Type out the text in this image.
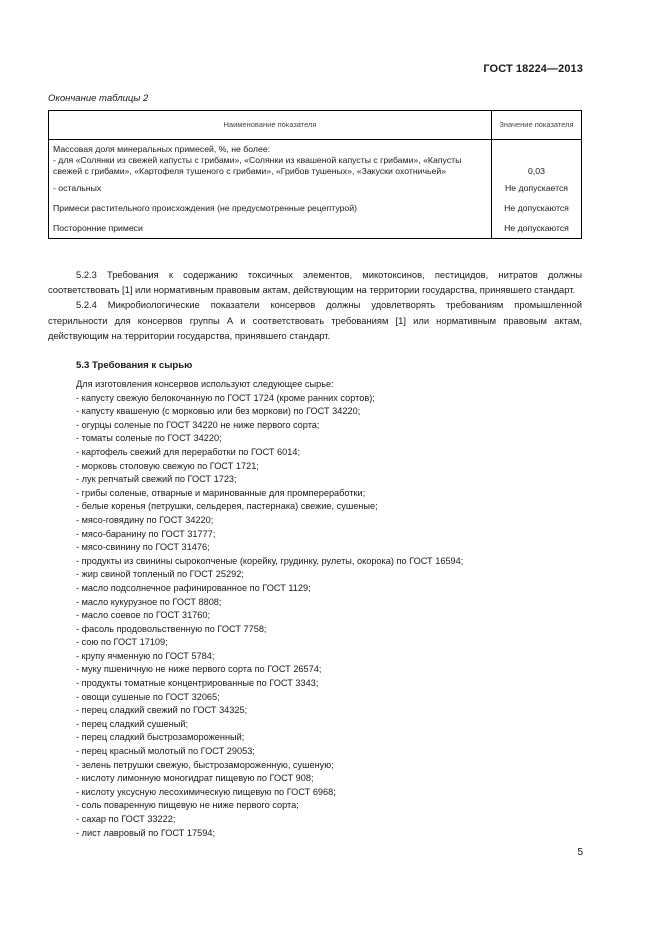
ГОСТ 18224—2013
Окончание таблицы 2
Наименование показателя	Значение показателя

Массовая доля минеральных примесей, %, не более:
- для «Солянки из свежей капусты с грибами», «Солянки из квашеной капусты с грибами», «Капусты свежей с грибами», «Картофеля тушеного с грибами», «Грибов тушеных», «Закуски охотничьей»	0,03
- остальных	Не допускается
Примеси растительного происхождения (не предусмотренные рецептурой)	Не допускаются
Посторонние примеси	Не допускаются

5.2.3 Требования к содержанию токсичных элементов, микотоксинов, пестицидов, нитратов должны соответствовать [1] или нормативным правовым актам, действующим на территории государства, принявшего стандарт.

5.2.4 Микробиологические показатели консервов должны удовлетворять требованиям промышленной стерильности для консервов группы А и соответствовать требованиям [1] или нормативным правовым актам, действующим на территории государства, принявшего стандарт.

5.3 Требования к сырью

Для изготовления консервов используют следующее сырье:

- капусту свежую белокочанную по ГОСТ 1724 (кроме ранних сортов);
- капусту квашеную (с морковью или без моркови) по ГОСТ 34220;
- огурцы соленые по ГОСТ 34220 не ниже первого сорта;
- томаты соленые по ГОСТ 34220;
- картофель свежий для переработки по ГОСТ 6014;
- морковь столовую свежую по ГОСТ 1721;
- лук репчатый свежий по ГОСТ 1723;
- грибы соленые, отварные и маринованные для промпереработки;
- белые коренья (петрушки, сельдерея, пастернака) свежие, сушеные;
- мясо-говядину по ГОСТ 34220;
- мясо-баранину по ГОСТ 31777;
- мясо-свинину по ГОСТ 31476;
- продукты из свинины сырокопченые (корейку, грудинку, рулеты, окорока) по ГОСТ 16594;
- жир свиной топленый по ГОСТ 25292;
- масло подсолнечное рафинированное по ГОСТ 1129;
- масло кукурузное по ГОСТ 8808;
- масло соевое по ГОСТ 31760;
- фасоль продовольственную по ГОСТ 7758;
- сою по ГОСТ 17109;
- крупу ячменную по ГОСТ 5784;
- муку пшеничную не ниже первого сорта по ГОСТ 26574;
- продукты томатные концентрированные по ГОСТ 3343;
- овощи сушеные по ГОСТ 32065;
- перец сладкий свежий по ГОСТ 34325;
- перец сладкий сушеный;
- перец сладкий быстрозамороженный;
- перец красный молотый по ГОСТ 29053;
- зелень петрушки свежую, быстрозамороженную, сушеную;
- кислоту лимонную моногидрат пищевую по ГОСТ 908;
- кислоту уксусную лесохимическую пищевую по ГОСТ 6968;
- соль поваренную пищевую не ниже первого сорта;
- сахар по ГОСТ 33222;
- лист лавровый по ГОСТ 17594;
5
